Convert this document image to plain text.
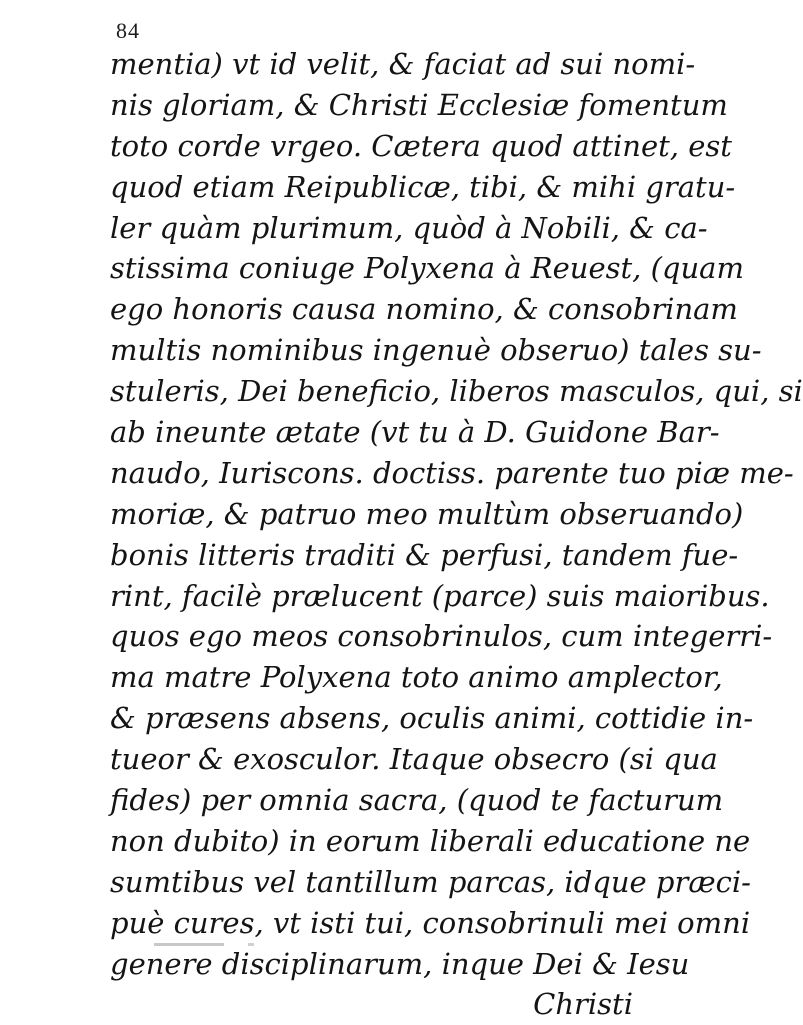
84
mentia) vt id velit, & faciat ad sui nomi-
nis gloriam, & Christi Ecclesiæ fomentum
toto corde vrgeo. Cætera quod attinet, est
quod etiam Reipublicæ, tibi, & mihi gratu-
ler quàm plurimum, quòd à Nobili, & ca-
stissima coniuge Polyxena à Reuest, (quam
ego honoris causa nomino, & consobrinam
multis nominibus ingenuè obseruo) tales su-
stuleris, Dei beneficio, liberos masculos, qui, si
ab ineunte ætate (vt tu à D. Guidone Bar-
naudo, Iuriscons. doctiss. parente tuo piæ me-
moriæ, & patruo meo multùm obseruando)
bonis litteris traditi & perfusi, tandem fue-
rint, facilè prælucent (parce) suis maioribus.
quos ego meos consobrinulos, cum integerri-
ma matre Polyxena toto animo amplector,
& præsens absens, oculis animi, cottidie in-
tueor & exosculor. Itaque obsecro (si qua
fides) per omnia sacra, (quod te facturum
non dubito) in eorum liberali educatione ne
sumtibus vel tantillum parcas, idque præci-
puè cures, vt isti tui, consobrinuli mei omni
genere disciplinarum, inque Dei & Iesu
Christi
